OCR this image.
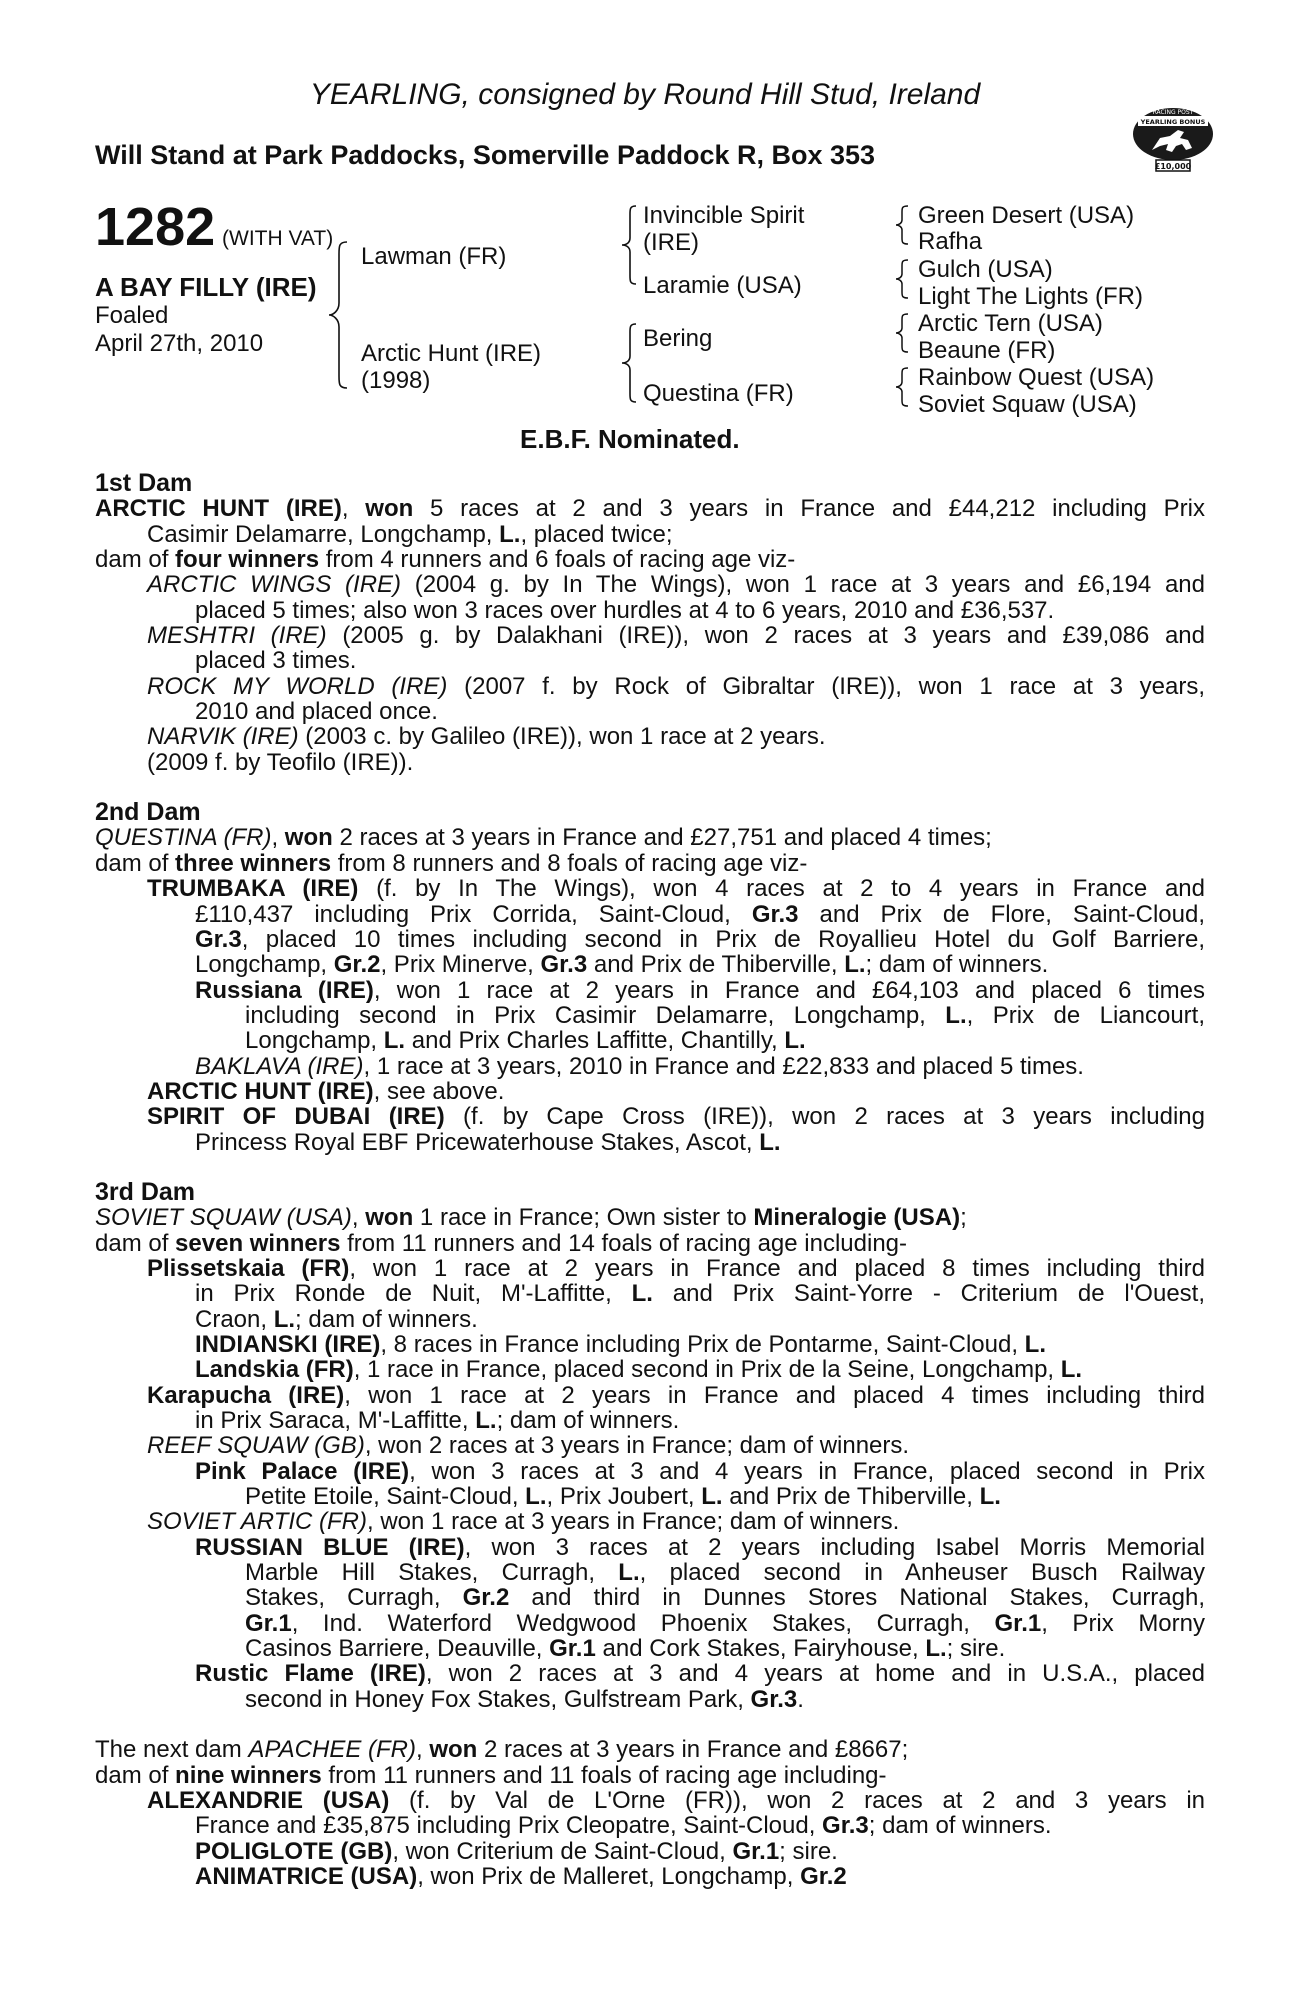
YEARLING, consigned by Round Hill Stud, Ireland
Will Stand at Park Paddocks, Somerville Paddock R, Box 353
RACING POST
YEARLING BONUS
£10,000
1282 (WITH VAT)
A BAY FILLY (IRE)
Foaled
April 27th, 2010
Lawman (FR)
Arctic Hunt (IRE)
(1998)
Invincible Spirit
(IRE)
Laramie (USA)
Bering
Questina (FR)
Green Desert (USA)
Rafha
Gulch (USA)
Light The Lights (FR)
Arctic Tern (USA)
Beaune (FR)
Rainbow Quest (USA)
Soviet Squaw (USA)
E.B.F. Nominated.
1st Dam
ARCTIC HUNT (IRE), won 5 races at 2 and 3 years in France and £44,212 including Prix
Casimir Delamarre, Longchamp, L., placed twice;
dam of four winners from 4 runners and 6 foals of racing age viz-
ARCTIC WINGS (IRE) (2004 g. by In The Wings), won 1 race at 3 years and £6,194 and
placed 5 times; also won 3 races over hurdles at 4 to 6 years, 2010 and £36,537.
MESHTRI (IRE) (2005 g. by Dalakhani (IRE)), won 2 races at 3 years and £39,086 and
placed 3 times.
ROCK MY WORLD (IRE) (2007 f. by Rock of Gibraltar (IRE)), won 1 race at 3 years,
2010 and placed once.
NARVIK (IRE) (2003 c. by Galileo (IRE)), won 1 race at 2 years.
(2009 f. by Teofilo (IRE)).
2nd Dam
QUESTINA (FR), won 2 races at 3 years in France and £27,751 and placed 4 times;
dam of three winners from 8 runners and 8 foals of racing age viz-
TRUMBAKA (IRE) (f. by In The Wings), won 4 races at 2 to 4 years in France and
£110,437 including Prix Corrida, Saint-Cloud, Gr.3 and Prix de Flore, Saint-Cloud,
Gr.3, placed 10 times including second in Prix de Royallieu Hotel du Golf Barriere,
Longchamp, Gr.2, Prix Minerve, Gr.3 and Prix de Thiberville, L.; dam of winners.
Russiana (IRE), won 1 race at 2 years in France and £64,103 and placed 6 times
including second in Prix Casimir Delamarre, Longchamp, L., Prix de Liancourt,
Longchamp, L. and Prix Charles Laffitte, Chantilly, L.
BAKLAVA (IRE), 1 race at 3 years, 2010 in France and £22,833 and placed 5 times.
ARCTIC HUNT (IRE), see above.
SPIRIT OF DUBAI (IRE) (f. by Cape Cross (IRE)), won 2 races at 3 years including
Princess Royal EBF Pricewaterhouse Stakes, Ascot, L.
3rd Dam
SOVIET SQUAW (USA), won 1 race in France; Own sister to Mineralogie (USA);
dam of seven winners from 11 runners and 14 foals of racing age including-
Plissetskaia (FR), won 1 race at 2 years in France and placed 8 times including third
in Prix Ronde de Nuit, M'-Laffitte, L. and Prix Saint-Yorre - Criterium de l'Ouest,
Craon, L.; dam of winners.
INDIANSKI (IRE), 8 races in France including Prix de Pontarme, Saint-Cloud, L.
Landskia (FR), 1 race in France, placed second in Prix de la Seine, Longchamp, L.
Karapucha (IRE), won 1 race at 2 years in France and placed 4 times including third
in Prix Saraca, M'-Laffitte, L.; dam of winners.
REEF SQUAW (GB), won 2 races at 3 years in France; dam of winners.
Pink Palace (IRE), won 3 races at 3 and 4 years in France, placed second in Prix
Petite Etoile, Saint-Cloud, L., Prix Joubert, L. and Prix de Thiberville, L.
SOVIET ARTIC (FR), won 1 race at 3 years in France; dam of winners.
RUSSIAN BLUE (IRE), won 3 races at 2 years including Isabel Morris Memorial
Marble Hill Stakes, Curragh, L., placed second in Anheuser Busch Railway
Stakes, Curragh, Gr.2 and third in Dunnes Stores National Stakes, Curragh,
Gr.1, Ind. Waterford Wedgwood Phoenix Stakes, Curragh, Gr.1, Prix Morny
Casinos Barriere, Deauville, Gr.1 and Cork Stakes, Fairyhouse, L.; sire.
Rustic Flame (IRE), won 2 races at 3 and 4 years at home and in U.S.A., placed
second in Honey Fox Stakes, Gulfstream Park, Gr.3.
The next dam APACHEE (FR), won 2 races at 3 years in France and £8667;
dam of nine winners from 11 runners and 11 foals of racing age including-
ALEXANDRIE (USA) (f. by Val de L'Orne (FR)), won 2 races at 2 and 3 years in
France and £35,875 including Prix Cleopatre, Saint-Cloud, Gr.3; dam of winners.
POLIGLOTE (GB), won Criterium de Saint-Cloud, Gr.1; sire.
ANIMATRICE (USA), won Prix de Malleret, Longchamp, Gr.2
